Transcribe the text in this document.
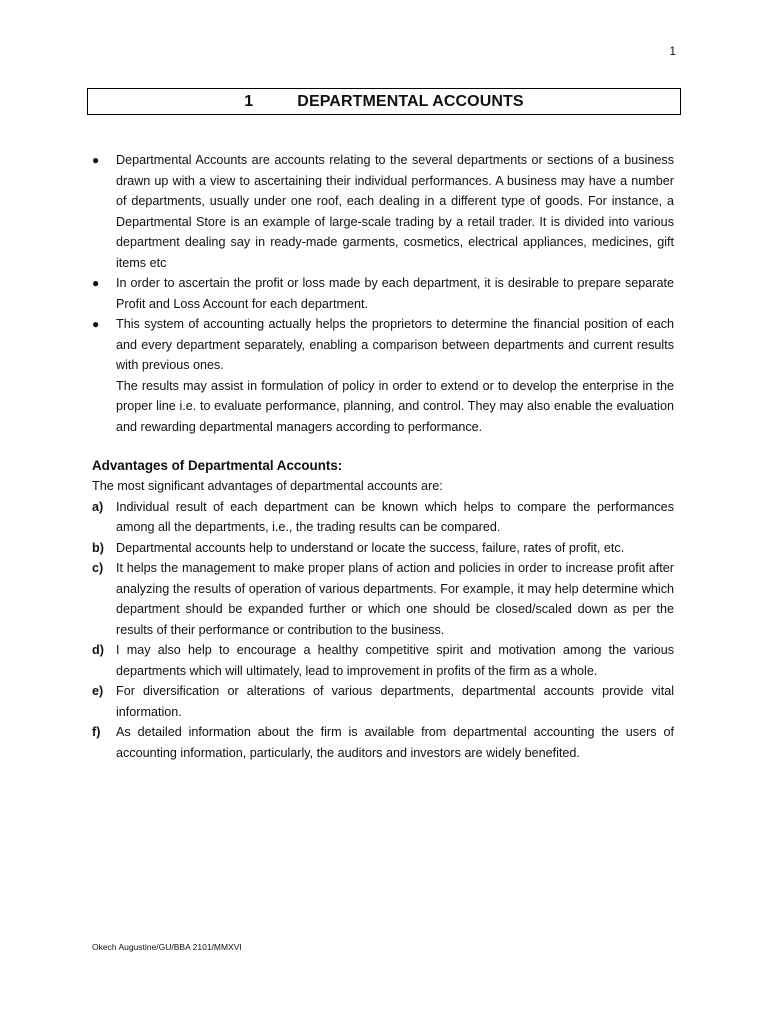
1
1	DEPARTMENTAL ACCOUNTS
● Departmental Accounts are accounts relating to the several departments or sections of a business drawn up with a view to ascertaining their individual performances. A business may have a number of departments, usually under one roof, each dealing in a different type of goods. For instance, a Departmental Store is an example of large-scale trading by a retail trader. It is divided into various department dealing say in ready-made garments, cosmetics, electrical appliances, medicines, gift items etc

● In order to ascertain the profit or loss made by each department, it is desirable to prepare separate Profit and Loss Account for each department.

● This system of accounting actually helps the proprietors to determine the financial position of each and every department separately, enabling a comparison between departments and current results with previous ones.

The results may assist in formulation of policy in order to extend or to develop the enterprise in the proper line i.e. to evaluate performance, planning, and control. They may also enable the evaluation and rewarding departmental managers according to performance.

Advantages of Departmental Accounts:

The most significant advantages of departmental accounts are:

a) Individual result of each department can be known which helps to compare the performances among all the departments, i.e., the trading results can be compared.
b) Departmental accounts help to understand or locate the success, failure, rates of profit, etc.
c) It helps the management to make proper plans of action and policies in order to increase profit after analyzing the results of operation of various departments. For example, it may help determine which department should be expanded further or which one should be closed/scaled down as per the results of their performance or contribution to the business.
d) I may also help to encourage a healthy competitive spirit and motivation among the various departments which will ultimately, lead to improvement in profits of the firm as a whole.
e) For diversification or alterations of various departments, departmental accounts provide vital information.
f) As detailed information about the firm is available from departmental accounting the users of accounting information, particularly, the auditors and investors are widely benefited.
Okech Augustine/GU/BBA 2101/MMXVI
